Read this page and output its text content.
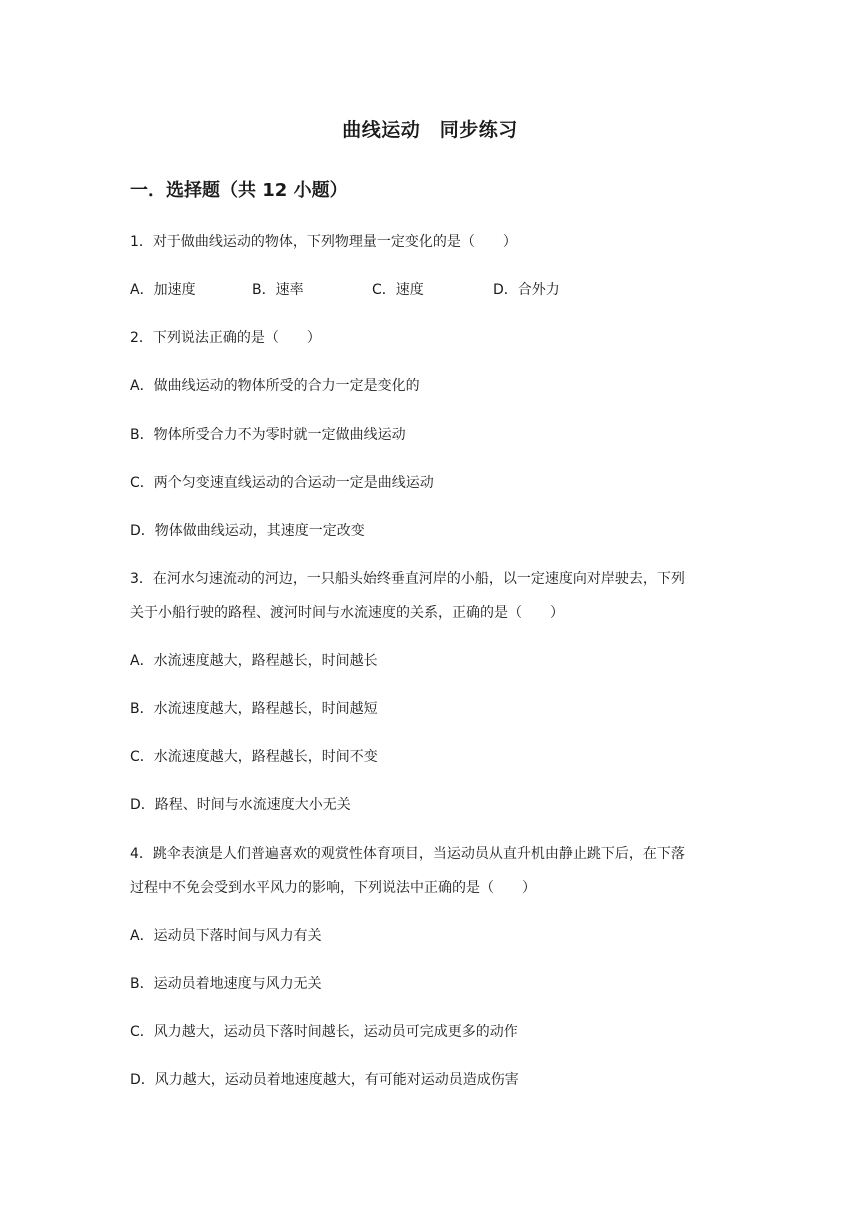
曲线运动　同步练习
一．选择题（共 12 小题）
1．对于做曲线运动的物体，下列物理量一定变化的是（　　）
A．加速度	B．速率	C．速度	D．合外力
2．下列说法正确的是（　　）
A．做曲线运动的物体所受的合力一定是变化的
B．物体所受合力不为零时就一定做曲线运动
C．两个匀变速直线运动的合运动一定是曲线运动
D．物体做曲线运动，其速度一定改变
3．在河水匀速流动的河边，一只船头始终垂直河岸的小船，以一定速度向对岸驶去，下列
关于小船行驶的路程、渡河时间与水流速度的关系，正确的是（　　）
A．水流速度越大，路程越长，时间越长
B．水流速度越大，路程越长，时间越短
C．水流速度越大，路程越长，时间不变
D．路程、时间与水流速度大小无关
4．跳伞表演是人们普遍喜欢的观赏性体育项目，当运动员从直升机由静止跳下后，在下落
过程中不免会受到水平风力的影响，下列说法中正确的是（　　）
A．运动员下落时间与风力有关
B．运动员着地速度与风力无关
C．风力越大，运动员下落时间越长，运动员可完成更多的动作
D．风力越大，运动员着地速度越大，有可能对运动员造成伤害
